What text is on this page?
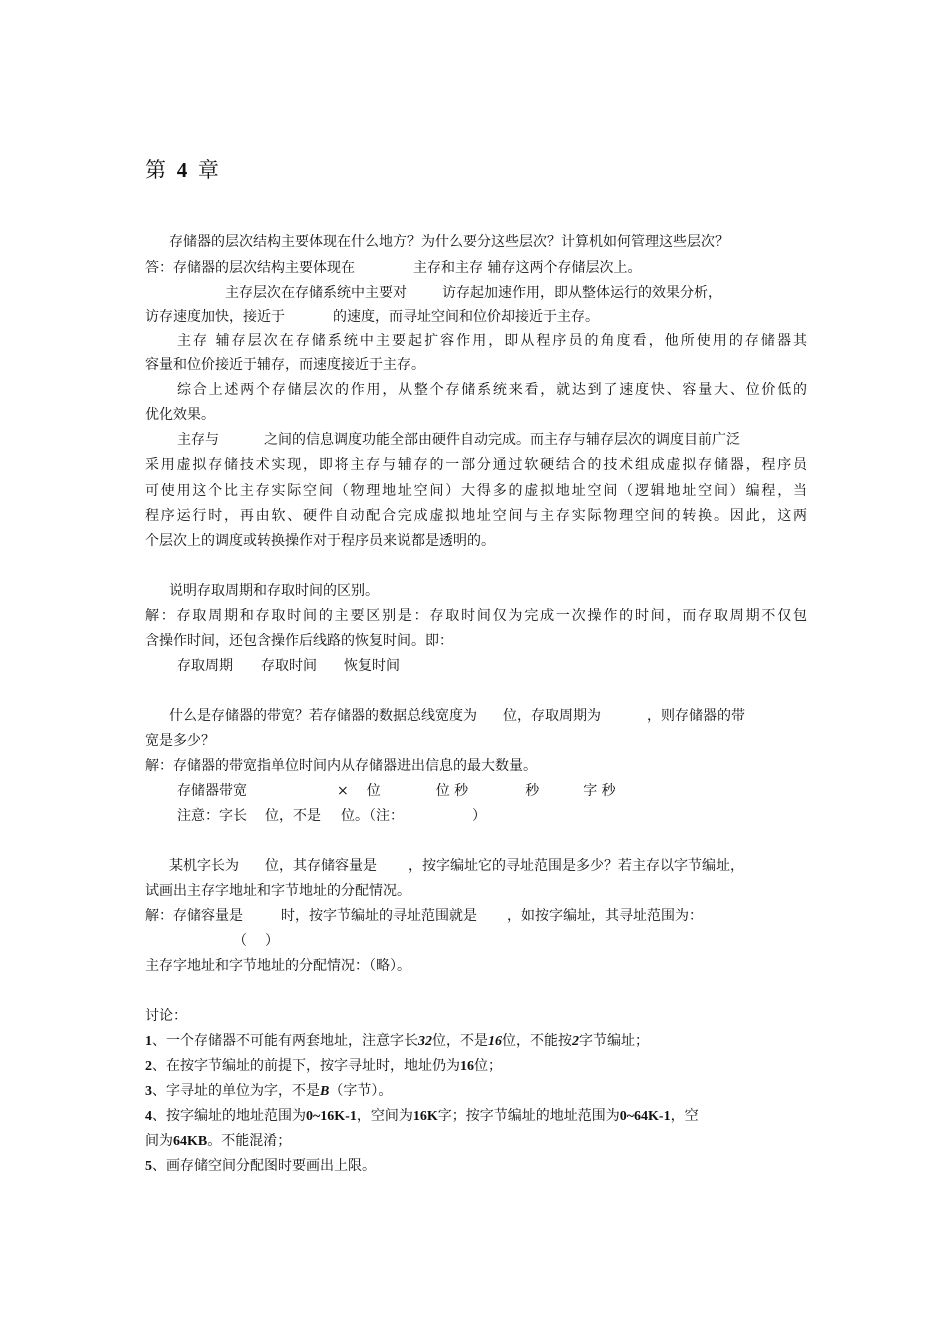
第 4 章
存储器的层次结构主要体现在什么地方？为什么要分这些层次？计算机如何管理这些层次？
答：存储器的层次结构主要体现在	主存和主存 辅存这两个存储层次上。
主存层次在存储系统中主要对	访存起加速作用，即从整体运行的效果分析，
访存速度加快，接近于	的速度，而寻址空间和位价却接近于主存。
主存 辅存层次在存储系统中主要起扩容作用，即从程序员的角度看，他所使用的存储器其
容量和位价接近于辅存，而速度接近于主存。
综合上述两个存储层次的作用，从整个存储系统来看，就达到了速度快、容量大、位价低的
优化效果。
主存与	之间的信息调度功能全部由硬件自动完成。而主存与辅存层次的调度目前广泛
采用虚拟存储技术实现，即将主存与辅存的一部分通过软硬结合的技术组成虚拟存储器，程序员
可使用这个比主存实际空间（物理地址空间）大得多的虚拟地址空间（逻辑地址空间）编程，当
程序运行时，再由软、硬件自动配合完成虚拟地址空间与主存实际物理空间的转换。因此，这两
个层次上的调度或转换操作对于程序员来说都是透明的。
说明存取周期和存取时间的区别。
解：存取周期和存取时间的主要区别是：存取时间仅为完成一次操作的时间，而存取周期不仅包
含操作时间，还包含操作后线路的恢复时间。即：
存取周期 存取时间 恢复时间
什么是存储器的带宽？若存储器的数据总线宽度为 位，存取周期为	，则存储器的带
宽是多少？
解：存储器的带宽指单位时间内从存储器进出信息的最大数量。
存储器带宽	× 位	位 秒	秒	字 秒
注意：字长 位，不是 位。（注：	）
某机字长为 位，其存储容量是 ，按字编址它的寻址范围是多少？若主存以字节编址，
试画出主存字地址和字节地址的分配情况。
解：存储容量是	时，按字节编址的寻址范围就是 ，如按字编址，其寻址范围为：
（ ）
主存字地址和字节地址的分配情况：（略）。
讨论：
1、一个存储器不可能有两套地址，注意字长32位，不是16位，不能按2字节编址；
2、在按字节编址的前提下，按字寻址时，地址仍为16位；
3、字寻址的单位为字，不是B（字节）。
4、按字编址的地址范围为0~16K-1，空间为16K字；按字节编址的地址范围为0~64K-1，空
间为64KB。不能混淆；
5、画存储空间分配图时要画出上限。
